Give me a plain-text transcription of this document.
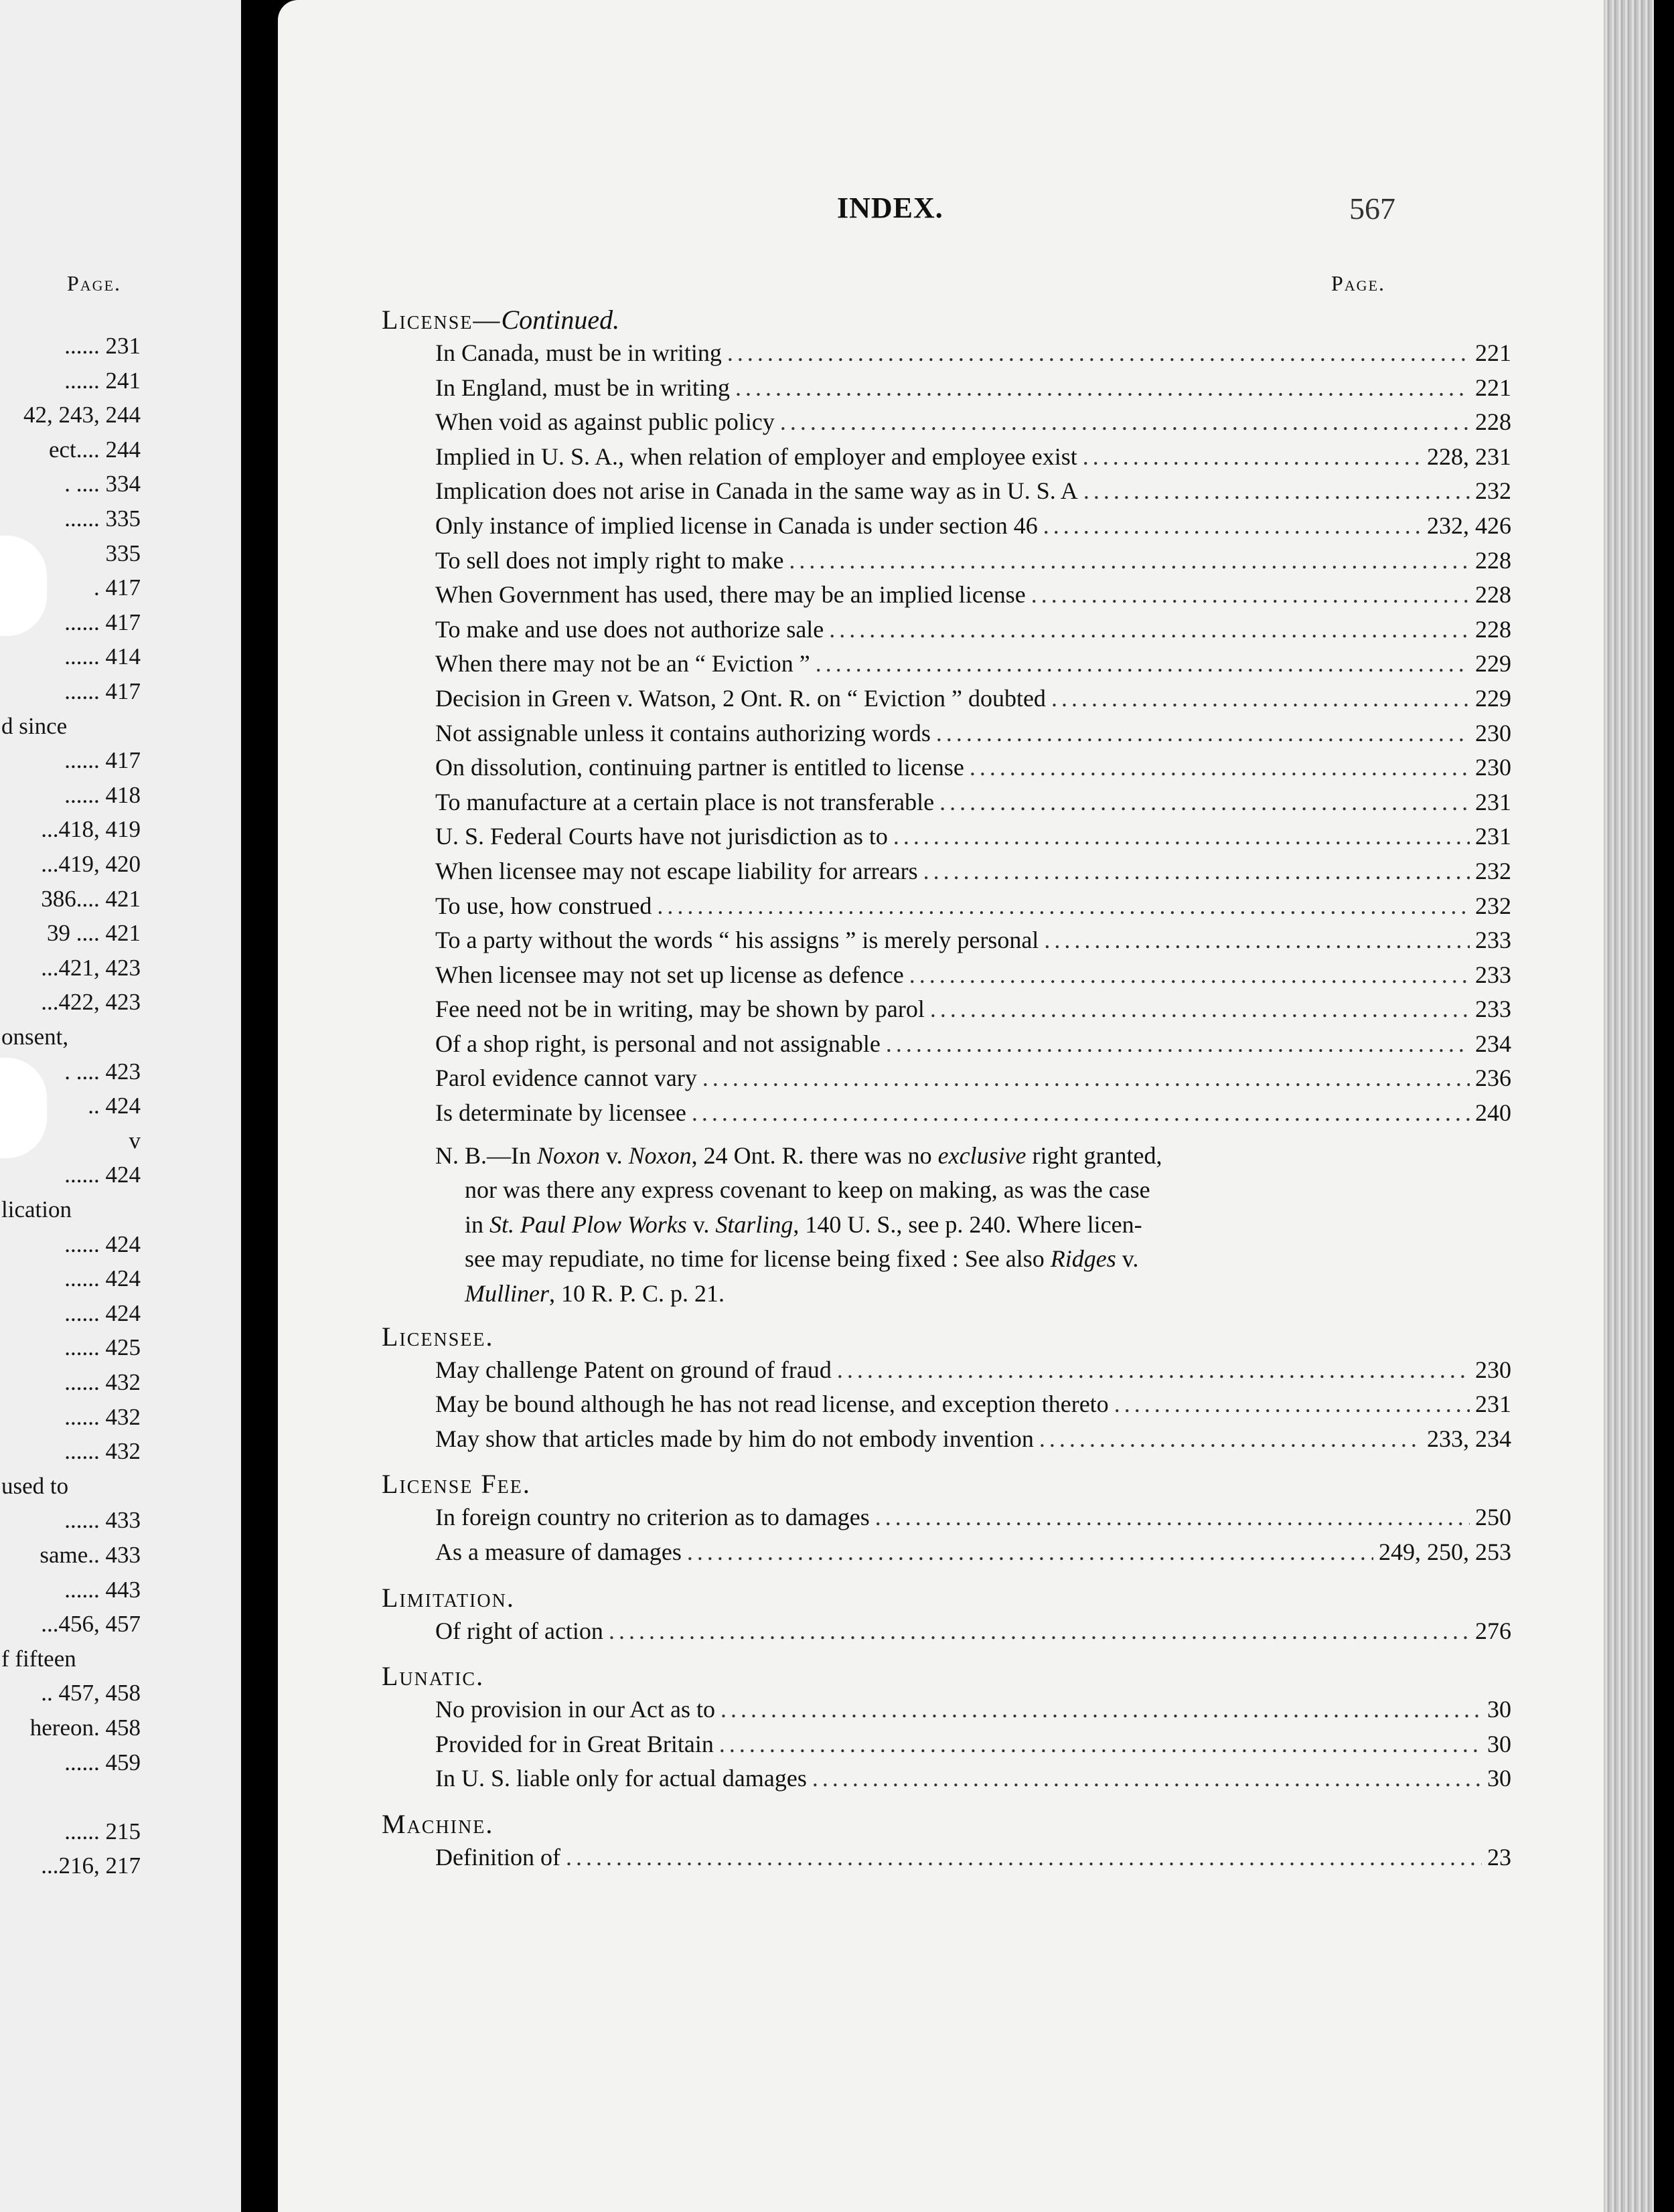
Page.
...... 231
...... 241
42, 243, 244
ect.... 244
. .... 334
...... 335
335
. 417
...... 417
...... 414
...... 417
d since
...... 417
...... 418
...418, 419
...419, 420
386.... 421
39 .... 421
...421, 423
...422, 423
onsent,
. .... 423
.. 424
v
...... 424
lication
...... 424
...... 424
...... 424
...... 425
...... 432
...... 432
...... 432
used to
...... 433
same.. 433
...... 443
...456, 457
f fifteen
.. 457, 458
hereon. 458
...... 459
...... 215
...216, 217
INDEX.	567
Page.
License—Continued.
In Canada, must be in writing .....	221
In England, must be in writing .....	221
When void as against public policy .....	228
Implied in U. S. A., when relation of employer and employee exist .....	228, 231
Implication does not arise in Canada in the same way as in U. S. A .....	232
Only instance of implied license in Canada is under section 46 .....	232, 426
To sell does not imply right to make .....	228
When Government has used, there may be an implied license .....	228
To make and use does not authorize sale .....	228
When there may not be an “ Eviction ” .....	229
Decision in Green v. Watson, 2 Ont. R. on “ Eviction ” doubted .....	229
Not assignable unless it contains authorizing words .....	230
On dissolution, continuing partner is entitled to license .....	230
To manufacture at a certain place is not transferable .....	231
U. S. Federal Courts have not jurisdiction as to .....	231
When licensee may not escape liability for arrears .....	232
To use, how construed .....	232
To a party without the words “ his assigns ” is merely personal .....	233
When licensee may not set up license as defence .....	233
Fee need not be in writing, may be shown by parol .....	233
Of a shop right, is personal and not assignable .....	234
Parol evidence cannot vary .....	236
Is determinate by licensee .....	240
N. B.—In Noxon v. Noxon, 24 Ont. R. there was no exclusive right granted,
nor was there any express covenant to keep on making, as was the case
in St. Paul Plow Works v. Starling, 140 U. S., see p. 240. Where licen-
see may repudiate, no time for license being fixed : See also Ridges v.
Mulliner, 10 R. P. C. p. 21.
Licensee.
May challenge Patent on ground of fraud .....	230
May be bound although he has not read license, and exception thereto .....	231
May show that articles made by him do not embody invention .....	233, 234
License Fee.
In foreign country no criterion as to damages .....	250
As a measure of damages .....	249, 250, 253
Limitation.
Of right of action .....	276
Lunatic.
No provision in our Act as to .....	30
Provided for in Great Britain .....	30
In U. S. liable only for actual damages .....	30
Machine.
Definition of .....	23
